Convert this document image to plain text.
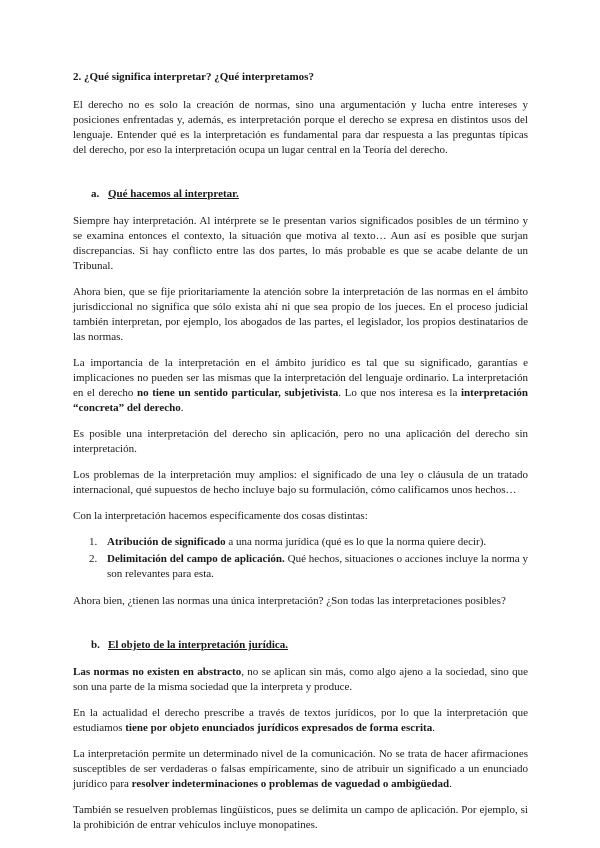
2. ¿Qué significa interpretar? ¿Qué interpretamos?

El derecho no es solo la creación de normas, sino una argumentación y lucha entre intereses y posiciones enfrentadas y, además, es interpretación porque el derecho se expresa en distintos usos del lenguaje. Entender qué es la interpretación es fundamental para dar respuesta a las preguntas típicas del derecho, por eso la interpretación ocupa un lugar central en la Teoría del derecho.

a. Qué hacemos al interpretar.

Siempre hay interpretación. Al intérprete se le presentan varios significados posibles de un término y se examina entonces el contexto, la situación que motiva al texto… Aun así es posible que surjan discrepancias. Si hay conflicto entre las dos partes, lo más probable es que se acabe delante de un Tribunal.

Ahora bien, que se fije prioritariamente la atención sobre la interpretación de las normas en el ámbito jurisdiccional no significa que sólo exista ahí ni que sea propio de los jueces. En el proceso judicial también interpretan, por ejemplo, los abogados de las partes, el legislador, los propios destinatarios de las normas.

La importancia de la interpretación en el ámbito jurídico es tal que su significado, garantías e implicaciones no pueden ser las mismas que la interpretación del lenguaje ordinario. La interpretación en el derecho no tiene un sentido particular, subjetivista. Lo que nos interesa es la interpretación “concreta” del derecho.

Es posible una interpretación del derecho sin aplicación, pero no una aplicación del derecho sin interpretación.

Los problemas de la interpretación muy amplios: el significado de una ley o cláusula de un tratado internacional, qué supuestos de hecho incluye bajo su formulación, cómo calificamos unos hechos…

Con la interpretación hacemos específicamente dos cosas distintas:

1. Atribución de significado a una norma jurídica (qué es lo que la norma quiere decir).
2. Delimitación del campo de aplicación. Qué hechos, situaciones o acciones incluye la norma y son relevantes para esta.

Ahora bien, ¿tienen las normas una única interpretación? ¿Son todas las interpretaciones posibles?

b. El objeto de la interpretación jurídica.

Las normas no existen en abstracto, no se aplican sin más, como algo ajeno a la sociedad, sino que son una parte de la misma sociedad que la interpreta y produce.

En la actualidad el derecho prescribe a través de textos jurídicos, por lo que la interpretación que estudiamos tiene por objeto enunciados jurídicos expresados de forma escrita.

La interpretación permite un determinado nivel de la comunicación. No se trata de hacer afirmaciones susceptibles de ser verdaderas o falsas empíricamente, sino de atribuir un significado a un enunciado jurídico para resolver indeterminaciones o problemas de vaguedad o ambigüedad.

También se resuelven problemas lingüísticos, pues se delimita un campo de aplicación. Por ejemplo, si la prohibición de entrar vehículos incluye monopatines.
